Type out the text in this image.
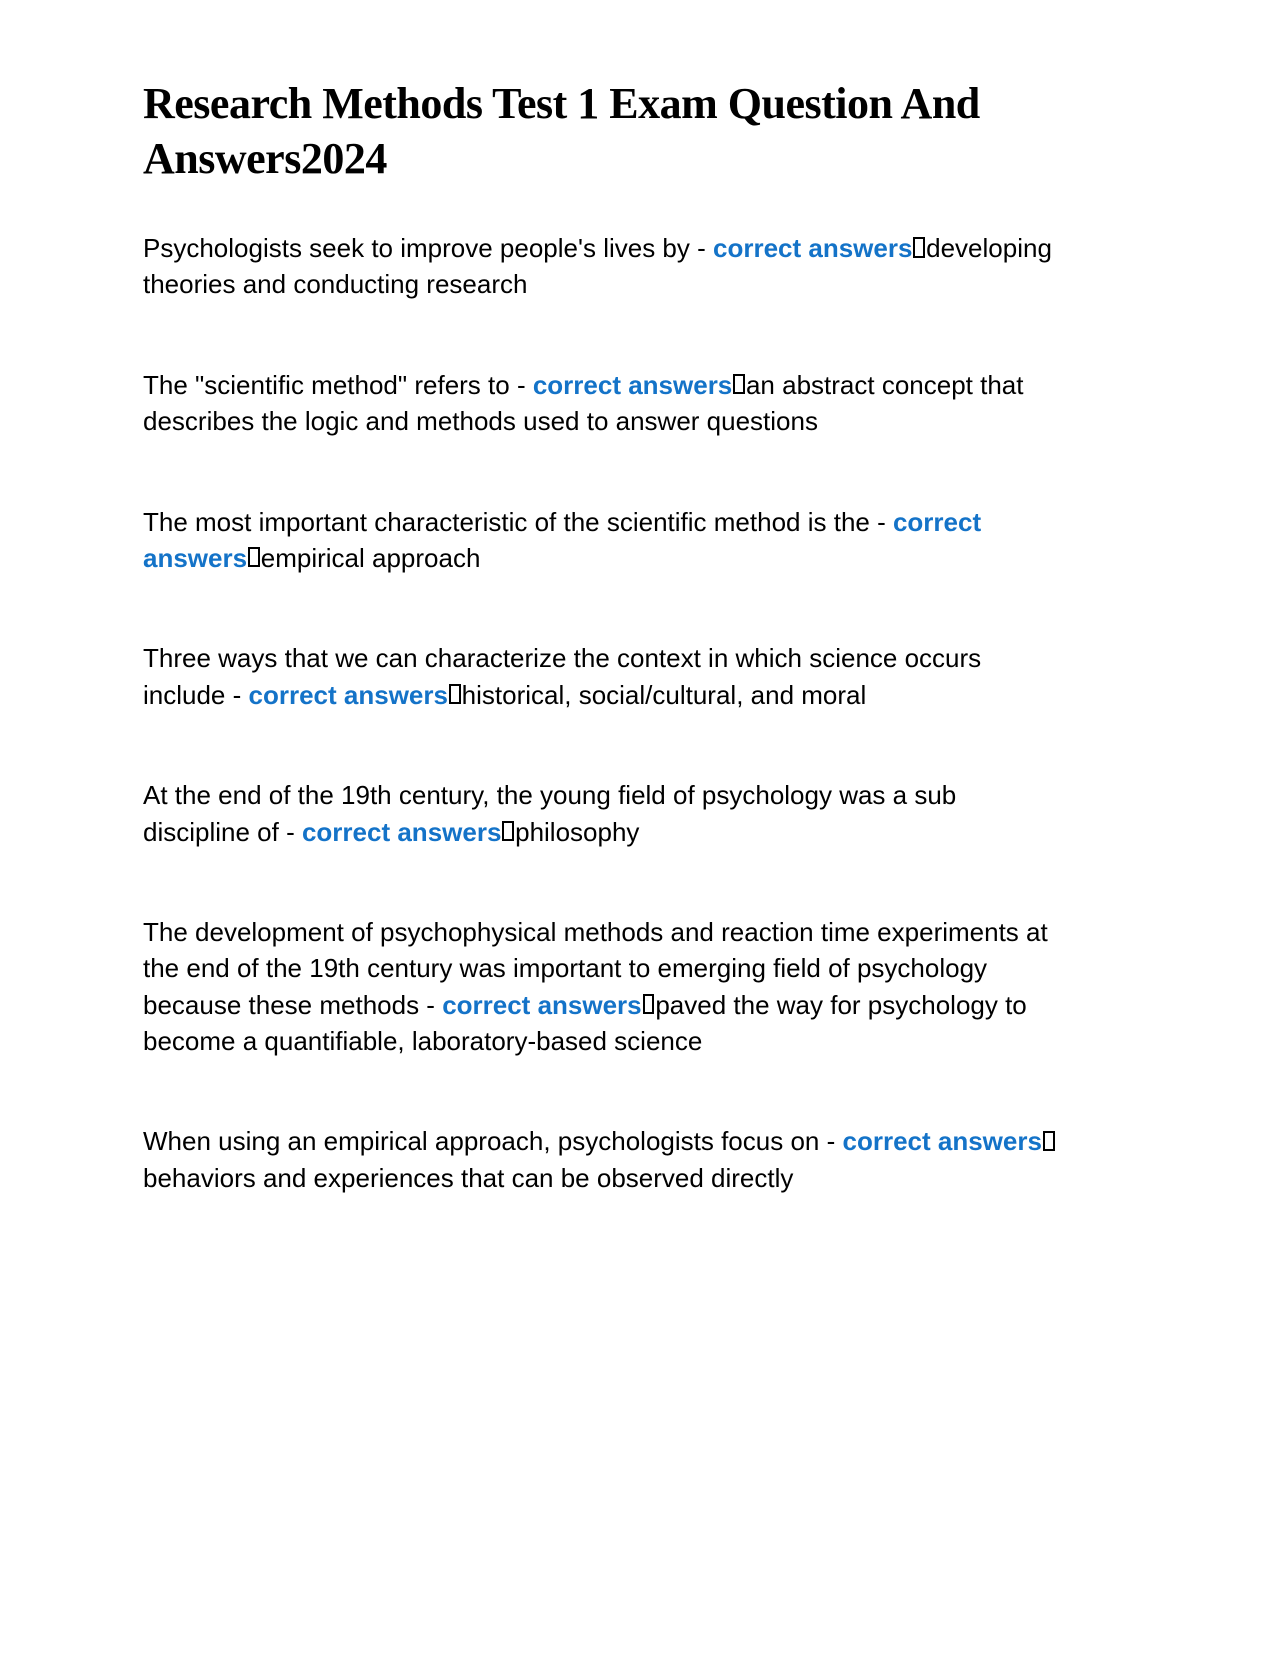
Research Methods Test 1 Exam Question And Answers2024

Psychologists seek to improve people's lives by - correct answers developing theories and conducting research

The "scientific method" refers to - correct answers an abstract concept that describes the logic and methods used to answer questions

The most important characteristic of the scientific method is the - correct answers empirical approach

Three ways that we can characterize the context in which science occurs include - correct answers historical, social/cultural, and moral

At the end of the 19th century, the young field of psychology was a sub discipline of - correct answers philosophy

The development of psychophysical methods and reaction time experiments at the end of the 19th century was important to emerging field of psychology because these methods - correct answers paved the way for psychology to become a quantifiable, laboratory-based science

When using an empirical approach, psychologists focus on - correct answersbehaviors and experiences that can be observed directly
